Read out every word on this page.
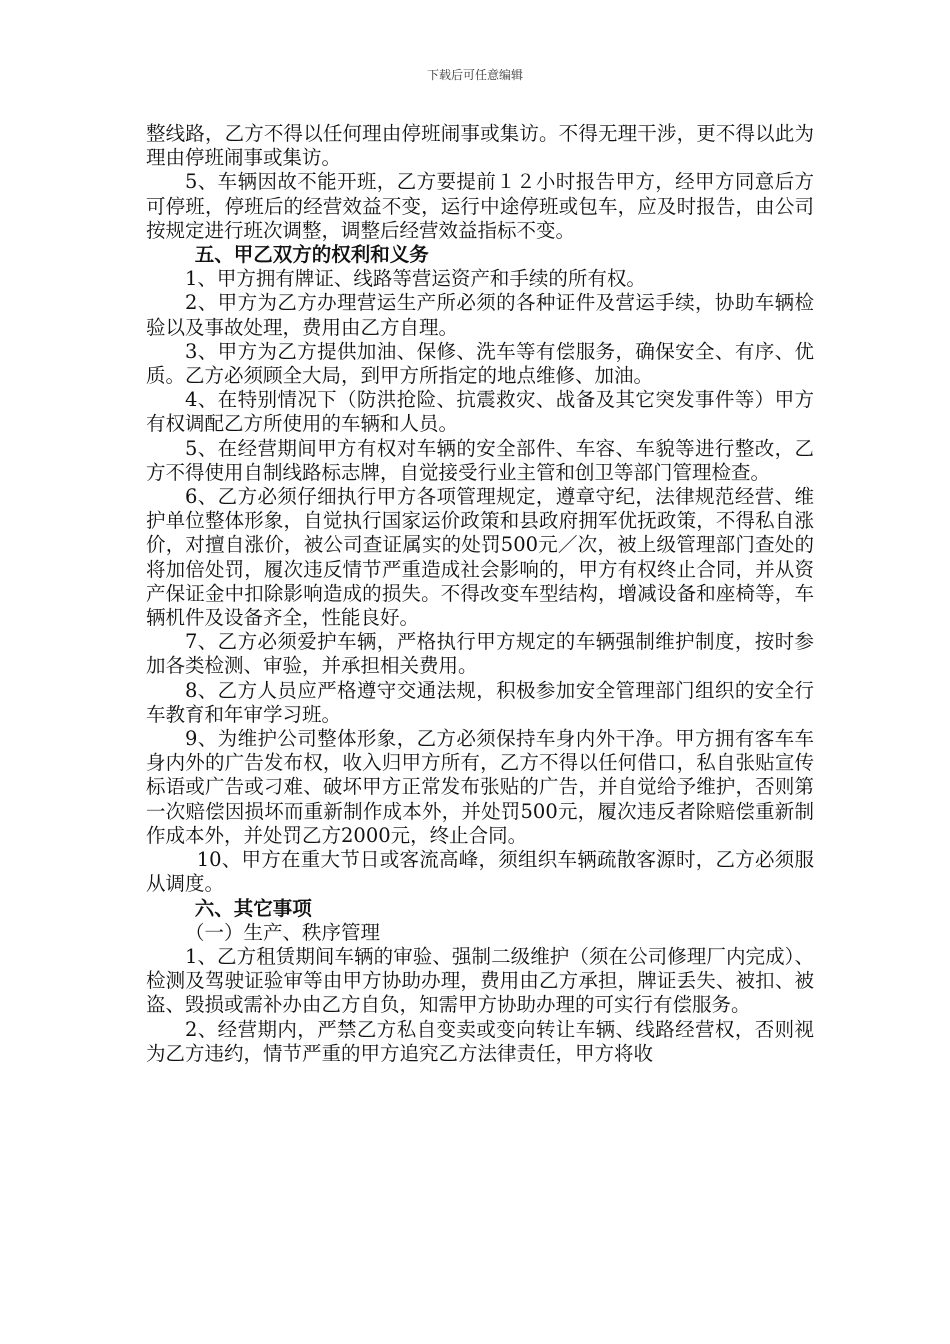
下载后可任意编辑

整线路，乙方不得以任何理由停班闹事或集访。不得无理干涉，更不得以此为理由停班闹事或集访。

5、车辆因故不能开班，乙方要提前１２小时报告甲方，经甲方同意后方可停班，停班后的经营效益不变，运行中途停班或包车，应及时报告，由公司按规定进行班次调整，调整后经营效益指标不变。

五、甲乙双方的权利和义务

1、甲方拥有牌证、线路等营运资产和手续的所有权。

2、甲方为乙方办理营运生产所必须的各种证件及营运手续，协助车辆检验以及事故处理，费用由乙方自理。

3、甲方为乙方提供加油、保修、洗车等有偿服务，确保安全、有序、优质。乙方必须顾全大局，到甲方所指定的地点维修、加油。

4、在特别情况下（防洪抢险、抗震救灾、战备及其它突发事件等）甲方有权调配乙方所使用的车辆和人员。

5、在经营期间甲方有权对车辆的安全部件、车容、车貌等进行整改，乙方不得使用自制线路标志牌，自觉接受行业主管和创卫等部门管理检查。

6、乙方必须仔细执行甲方各项管理规定，遵章守纪，法律规范经营、维护单位整体形象，自觉执行国家运价政策和县政府拥军优抚政策，不得私自涨价，对擅自涨价，被公司查证属实的处罚500元／次，被上级管理部门查处的将加倍处罚，履次违反情节严重造成社会影响的，甲方有权终止合同，并从资产保证金中扣除影响造成的损失。不得改变车型结构，增减设备和座椅等，车辆机件及设备齐全，性能良好。

7、乙方必须爱护车辆，严格执行甲方规定的车辆强制维护制度，按时参加各类检测、审验，并承担相关费用。

8、乙方人员应严格遵守交通法规，积极参加安全管理部门组织的安全行车教育和年审学习班。

9、为维护公司整体形象，乙方必须保持车身内外干净。甲方拥有客车车身内外的广告发布权，收入归甲方所有，乙方不得以任何借口，私自张贴宣传标语或广告或刁难、破坏甲方正常发布张贴的广告，并自觉给予维护，否则第一次赔偿因损坏而重新制作成本外，并处罚500元，履次违反者除赔偿重新制作成本外，并处罚乙方2000元，终止合同。

10、甲方在重大节日或客流高峰，须组织车辆疏散客源时，乙方必须服从调度。

六、其它事项

（一）生产、秩序管理

1、乙方租赁期间车辆的审验、强制二级维护（须在公司修理厂内完成）、检测及驾驶证验审等由甲方协助办理，费用由乙方承担，牌证丢失、被扣、被盗、毁损或需补办由乙方自负，知需甲方协助办理的可实行有偿服务。

2、经营期内，严禁乙方私自变卖或变向转让车辆、线路经营权，否则视为乙方违约，情节严重的甲方追究乙方法律责任，甲方将收
